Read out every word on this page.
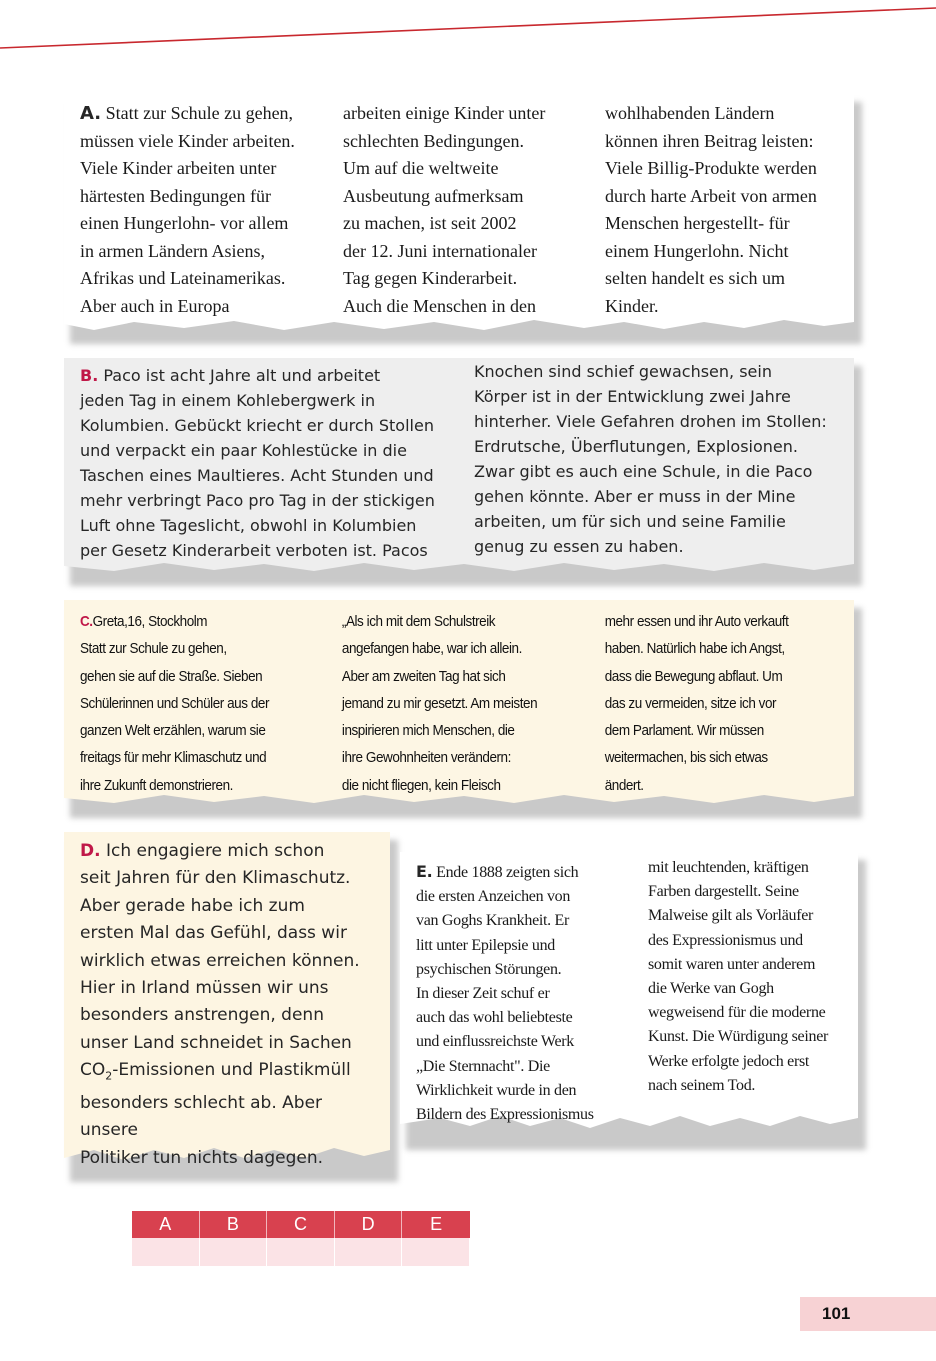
A. Statt zur Schule zu gehen,
müssen viele Kinder arbeiten.
Viele Kinder arbeiten unter
härtesten Bedingungen für
einen Hungerlohn- vor allem
in armen Ländern Asiens,
Afrikas und Lateinamerikas.
Aber auch in Europa

arbeiten einige Kinder unter
schlechten Bedingungen.
Um auf die weltweite
Ausbeutung aufmerksam
zu machen, ist seit 2002
der 12. Juni internationaler
Tag gegen Kinderarbeit.
Auch die Menschen in den

wohlhabenden Ländern
können ihren Beitrag leisten:
Viele Billig-Produkte werden
durch harte Arbeit von armen
Menschen hergestellt- für
einem Hungerlohn. Nicht
selten handelt es sich um
Kinder.

B. Paco ist acht Jahre alt und arbeitet
jeden Tag in einem Kohlebergwerk in
Kolumbien. Gebückt kriecht er durch Stollen
und verpackt ein paar Kohlestücke in die
Taschen eines Maultieres. Acht Stunden und
mehr verbringt Paco pro Tag in der stickigen
Luft ohne Tageslicht, obwohl in Kolumbien
per Gesetz Kinderarbeit verboten ist. Pacos

Knochen sind schief gewachsen, sein
Körper ist in der Entwicklung zwei Jahre
hinterher. Viele Gefahren drohen im Stollen:
Erdrutsche, Überflutungen, Explosionen.
Zwar gibt es auch eine Schule, in die Paco
gehen könnte. Aber er muss in der Mine
arbeiten, um für sich und seine Familie
genug zu essen zu haben.

C.Greta,16, Stockholm
Statt zur Schule zu gehen,
gehen sie auf die Straße. Sieben
Schülerinnen und Schüler aus der
ganzen Welt erzählen, warum sie
freitags für mehr Klimaschutz und
ihre Zukunft demonstrieren.

„Als ich mit dem Schulstreik
angefangen habe, war ich allein.
Aber am zweiten Tag hat sich
jemand zu mir gesetzt. Am meisten
inspirieren mich Menschen, die
ihre Gewohnheiten verändern:
die nicht fliegen, kein Fleisch

mehr essen und ihr Auto verkauft
haben. Natürlich habe ich Angst,
dass die Bewegung abflaut. Um
das zu vermeiden, sitze ich vor
dem Parlament. Wir müssen
weitermachen, bis sich etwas
ändert.

D. Ich engagiere mich schon
seit Jahren für den Klimaschutz.
Aber gerade habe ich zum
ersten Mal das Gefühl, dass wir
wirklich etwas erreichen können.
Hier in Irland müssen wir uns
besonders anstrengen, denn
unser Land schneidet in Sachen
$CO_2$-Emissionen und Plastikmüll
besonders schlecht ab. Aber unsere
Politiker tun nichts dagegen.

E. Ende 1888 zeigten sich
die ersten Anzeichen von
van Goghs Krankheit. Er
litt unter Epilepsie und
psychischen Störungen.
In dieser Zeit schuf er
auch das wohl beliebteste
und einflussreichste Werk
„Die Sternnacht". Die
Wirklichkeit wurde in den
Bildern des Expressionismus

mit leuchtenden, kräftigen
Farben dargestellt. Seine
Malweise gilt als Vorläufer
des Expressionismus und
somit waren unter anderem
die Werke van Gogh
wegweisend für die moderne
Kunst. Die Würdigung seiner
Werke erfolgte jedoch erst
nach seinem Tod.

A	B	C	D	E
101
